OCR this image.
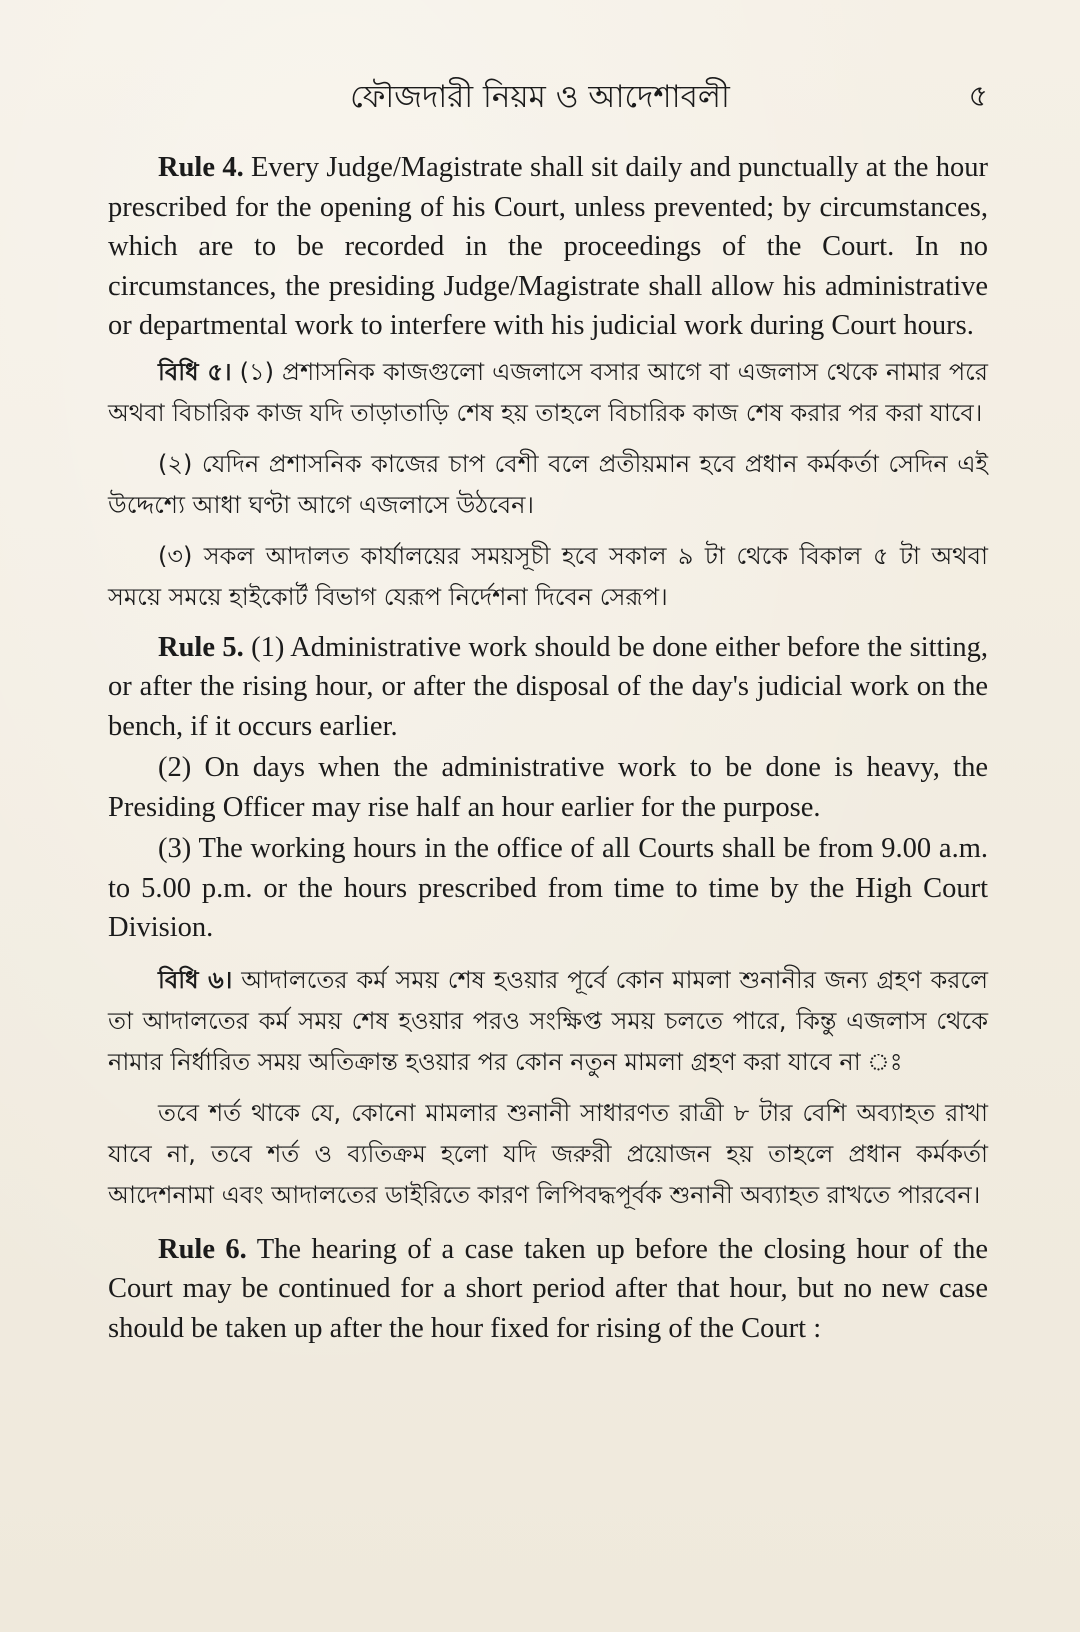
ফৌজদারী নিয়ম ও আদেশাবলী	৫

Rule 4. Every Judge/Magistrate shall sit daily and punctually at the hour prescribed for the opening of his Court, unless prevented; by circumstances, which are to be recorded in the proceedings of the Court. In no circumstances, the presiding Judge/Magistrate shall allow his administrative or departmental work to interfere with his judicial work during Court hours.

বিধি ৫। (১) প্রশাসনিক কাজগুলো এজলাসে বসার আগে বা এজলাস থেকে নামার পরে অথবা বিচারিক কাজ যদি তাড়াতাড়ি শেষ হয় তাহলে বিচারিক কাজ শেষ করার পর করা যাবে।

(২) যেদিন প্রশাসনিক কাজের চাপ বেশী বলে প্রতীয়মান হবে প্রধান কর্মকর্তা সেদিন এই উদ্দেশ্যে আধা ঘণ্টা আগে এজলাসে উঠবেন।

(৩) সকল আদালত কার্যালয়ের সময়সূচী হবে সকাল ৯ টা থেকে বিকাল ৫ টা অথবা সময়ে সময়ে হাইকোর্ট বিভাগ যেরূপ নির্দেশনা দিবেন সেরূপ।

Rule 5. (1) Administrative work should be done either before the sitting, or after the rising hour, or after the disposal of the day's judicial work on the bench, if it occurs earlier.

(2) On days when the administrative work to be done is heavy, the Presiding Officer may rise half an hour earlier for the purpose.

(3) The working hours in the office of all Courts shall be from 9.00 a.m. to 5.00 p.m. or the hours prescribed from time to time by the High Court Division.

বিধি ৬। আদালতের কর্ম সময় শেষ হওয়ার পূর্বে কোন মামলা শুনানীর জন্য গ্রহণ করলে তা আদালতের কর্ম সময় শেষ হওয়ার পরও সংক্ষিপ্ত সময় চলতে পারে, কিন্তু এজলাস থেকে নামার নির্ধারিত সময় অতিক্রান্ত হওয়ার পর কোন নতুন মামলা গ্রহণ করা যাবে না ঃ

তবে শর্ত থাকে যে, কোনো মামলার শুনানী সাধারণত রাত্রী ৮ টার বেশি অব্যাহত রাখা যাবে না, তবে শর্ত ও ব্যতিক্রম হলো যদি জরুরী প্রয়োজন হয় তাহলে প্রধান কর্মকর্তা আদেশনামা এবং আদালতের ডাইরিতে কারণ লিপিবদ্ধপূর্বক শুনানী অব্যাহত রাখতে পারবেন।

Rule 6. The hearing of a case taken up before the closing hour of the Court may be continued for a short period after that hour, but no new case should be taken up after the hour fixed for rising of the Court :
